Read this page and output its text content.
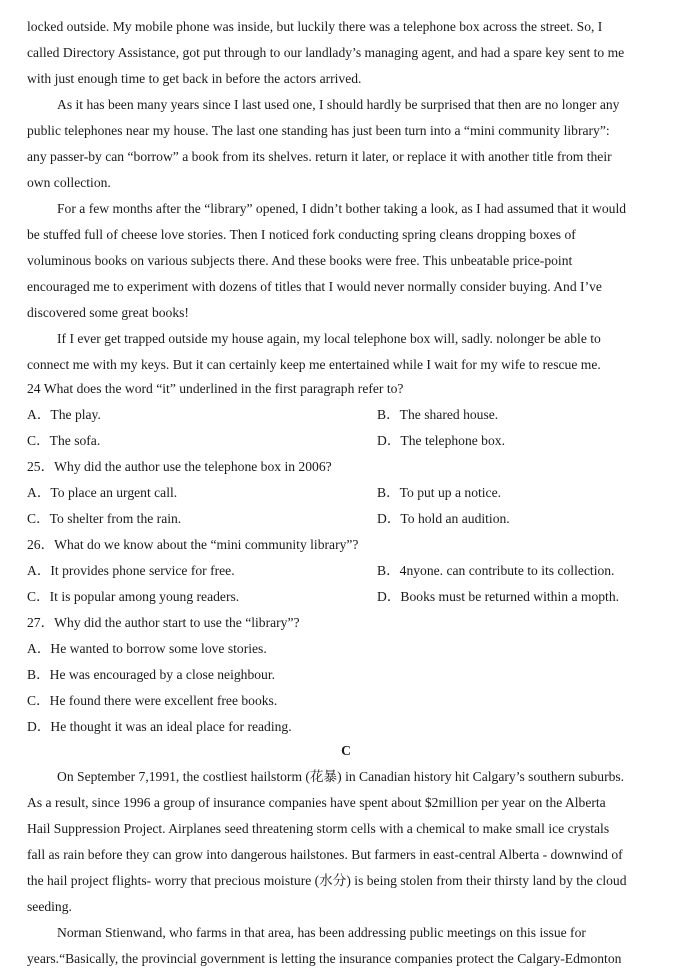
locked outside. My mobile phone was inside, but luckily there was a telephone box across the street. So, I
called Directory Assistance, got put through to our landlady’s managing agent, and had a spare key sent to me
with just enough time to get back in before the actors arrived.
As it has been many years since I last used one, I should hardly be surprised that then are no longer any
public telephones near my house. The last one standing has just been turn into a “mini community library”:
any passer-by can “borrow” a book from its shelves. return it later, or replace it with another title from their
own collection.
For a few months after the “library” opened, I didn’t bother taking a look, as I had assumed that it would
be stuffed full of cheese love stories. Then I noticed fork conducting spring cleans dropping boxes of
voluminous books on various subjects there. And these books were free. This unbeatable price-point
encouraged me to experiment with dozens of titles that I would never normally consider buying. And I’ve
discovered some great books!
If I ever get trapped outside my house again, my local telephone box will, sadly. nolonger be able to
connect me with my keys. But it can certainly keep me entertained while I wait for my wife to rescue me.
24 What does the word “it” underlined in the first paragraph refer to?
A．The play.	B．The shared house.
C．The sofa.	D．The telephone box.
25．Why did the author use the telephone box in 2006?
A．To place an urgent call.	B．To put up a notice.
C．To shelter from the rain.	D．To hold an audition.
26．What do we know about the “mini community library”?
A．It provides phone service for free.	B．4nyone. can contribute to its collection.
C．It is popular among young readers.	D．Books must be returned within a mopth.
27．Why did the author start to use the “library”?
A．He wanted to borrow some love stories.
B．He was encouraged by a close neighbour.
C．He found there were excellent free books.
D．He thought it was an ideal place for reading.
C
On September 7,1991, the costliest hailstorm (花暴) in Canadian history hit Calgary’s southern suburbs.
As a result, since 1996 a group of insurance companies have spent about $2million per year on the Alberta
Hail Suppression Project. Airplanes seed threatening storm cells with a chemical to make small ice crystals
fall as rain before they can grow into dangerous hailstones. But farmers in east-central Alberta - downwind of
the hail project flights- worry that precious moisture (水分) is being stolen from their thirsty land by the cloud
seeding.
Norman Stienwand, who farms in that area, has been addressing public meetings on this issue for
years.“Basically, the provincial government is letting the insurance companies protect the Calgary-Edmonton
